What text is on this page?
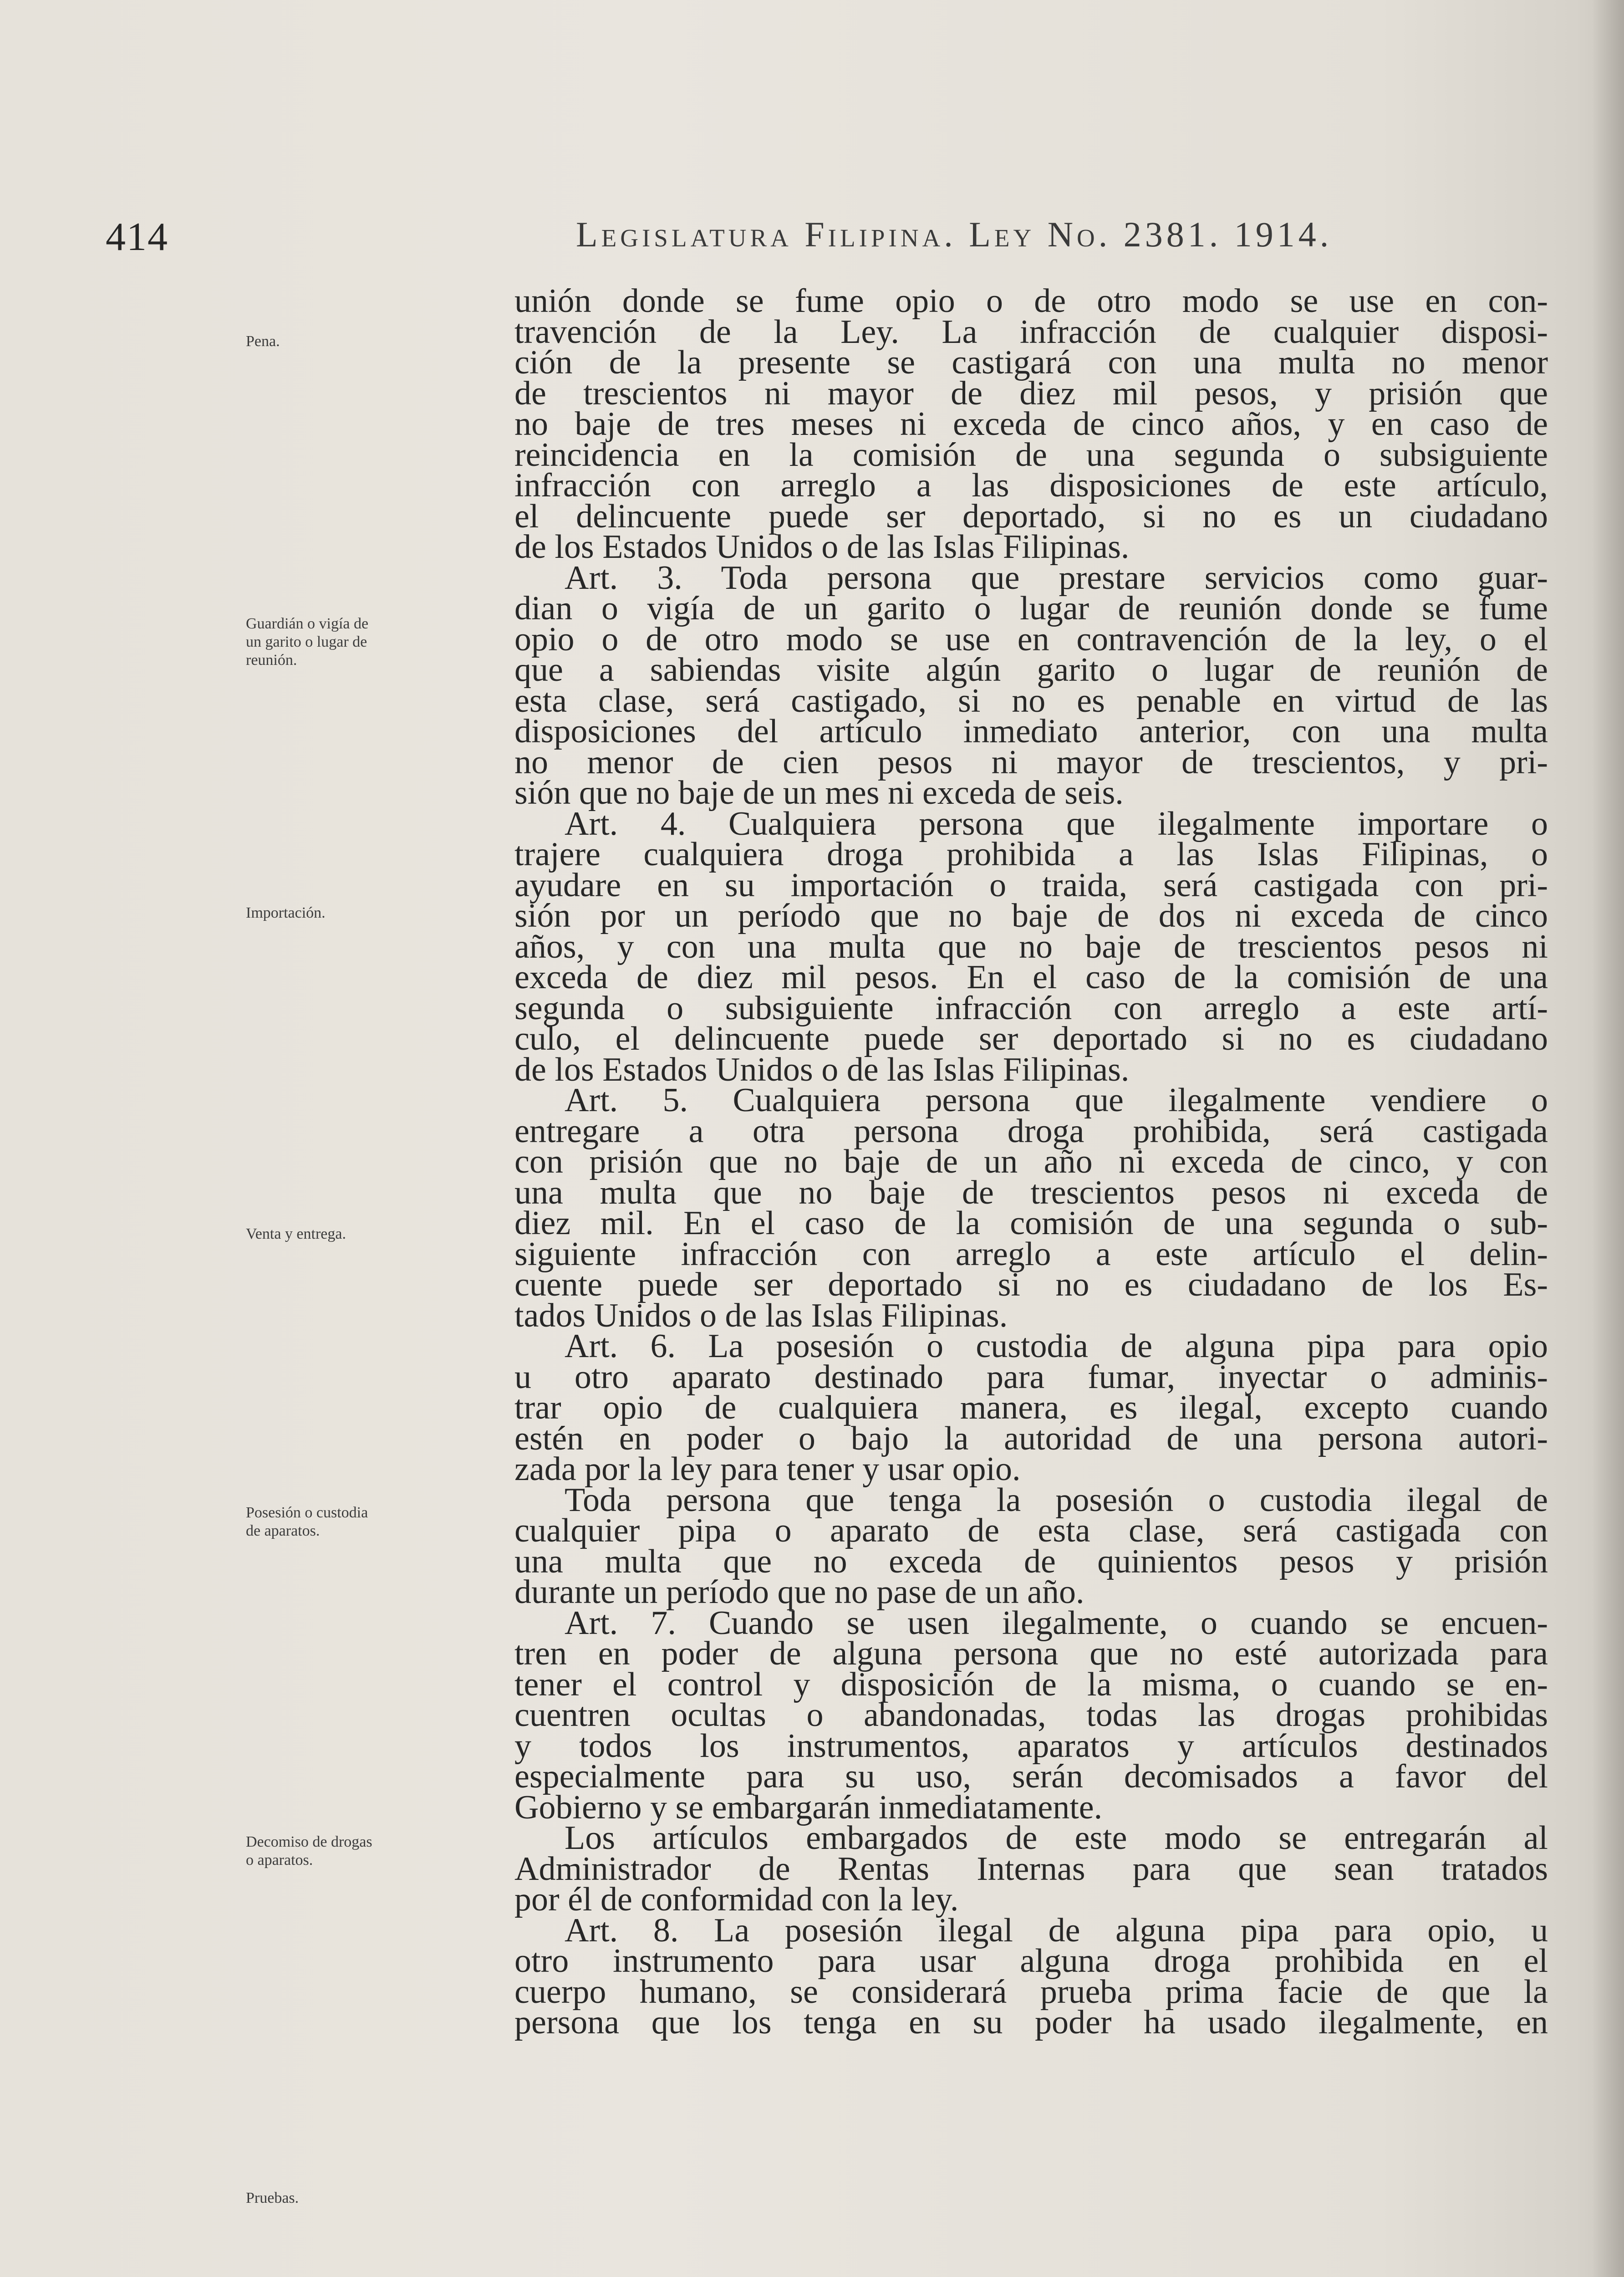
414	Legislatura Filipina. Ley No. 2381. 1914.
Pena.
Guardián o vigía de
un garito o lugar de
reunión.
Importación.
Venta y entrega.
Posesión o custodia
de aparatos.
Decomiso de drogas
o aparatos.
Pruebas.
unión donde se fume opio o de otro modo se use en con-
travención de la Ley. La infracción de cualquier disposi-
ción de la presente se castigará con una multa no menor
de trescientos ni mayor de diez mil pesos, y prisión que
no baje de tres meses ni exceda de cinco años, y en caso de
reincidencia en la comisión de una segunda o subsiguiente
infracción con arreglo a las disposiciones de este artículo,
el delincuente puede ser deportado, si no es un ciudadano
de los Estados Unidos o de las Islas Filipinas.
Art. 3. Toda persona que prestare servicios como guar-
dian o vigía de un garito o lugar de reunión donde se fume
opio o de otro modo se use en contravención de la ley, o el
que a sabiendas visite algún garito o lugar de reunión de
esta clase, será castigado, si no es penable en virtud de las
disposiciones del artículo inmediato anterior, con una multa
no menor de cien pesos ni mayor de trescientos, y pri-
sión que no baje de un mes ni exceda de seis.
Art. 4. Cualquiera persona que ilegalmente importare o
trajere cualquiera droga prohibida a las Islas Filipinas, o
ayudare en su importación o traida, será castigada con pri-
sión por un período que no baje de dos ni exceda de cinco
años, y con una multa que no baje de trescientos pesos ni
exceda de diez mil pesos. En el caso de la comisión de una
segunda o subsiguiente infracción con arreglo a este artí-
culo, el delincuente puede ser deportado si no es ciudadano
de los Estados Unidos o de las Islas Filipinas.
Art. 5. Cualquiera persona que ilegalmente vendiere o
entregare a otra persona droga prohibida, será castigada
con prisión que no baje de un año ni exceda de cinco, y con
una multa que no baje de trescientos pesos ni exceda de
diez mil. En el caso de la comisión de una segunda o sub-
siguiente infracción con arreglo a este artículo el delin-
cuente puede ser deportado si no es ciudadano de los Es-
tados Unidos o de las Islas Filipinas.
Art. 6. La posesión o custodia de alguna pipa para opio
u otro aparato destinado para fumar, inyectar o adminis-
trar opio de cualquiera manera, es ilegal, excepto cuando
estén en poder o bajo la autoridad de una persona autori-
zada por la ley para tener y usar opio.
Toda persona que tenga la posesión o custodia ilegal de
cualquier pipa o aparato de esta clase, será castigada con
una multa que no exceda de quinientos pesos y prisión
durante un período que no pase de un año.
Art. 7. Cuando se usen ilegalmente, o cuando se encuen-
tren en poder de alguna persona que no esté autorizada para
tener el control y disposición de la misma, o cuando se en-
cuentren ocultas o abandonadas, todas las drogas prohibidas
y todos los instrumentos, aparatos y artículos destinados
especialmente para su uso, serán decomisados a favor del
Gobierno y se embargarán inmediatamente.
Los artículos embargados de este modo se entregarán al
Administrador de Rentas Internas para que sean tratados
por él de conformidad con la ley.
Art. 8. La posesión ilegal de alguna pipa para opio, u
otro instrumento para usar alguna droga prohibida en el
cuerpo humano, se considerará prueba prima facie de que la
persona que los tenga en su poder ha usado ilegalmente, en
